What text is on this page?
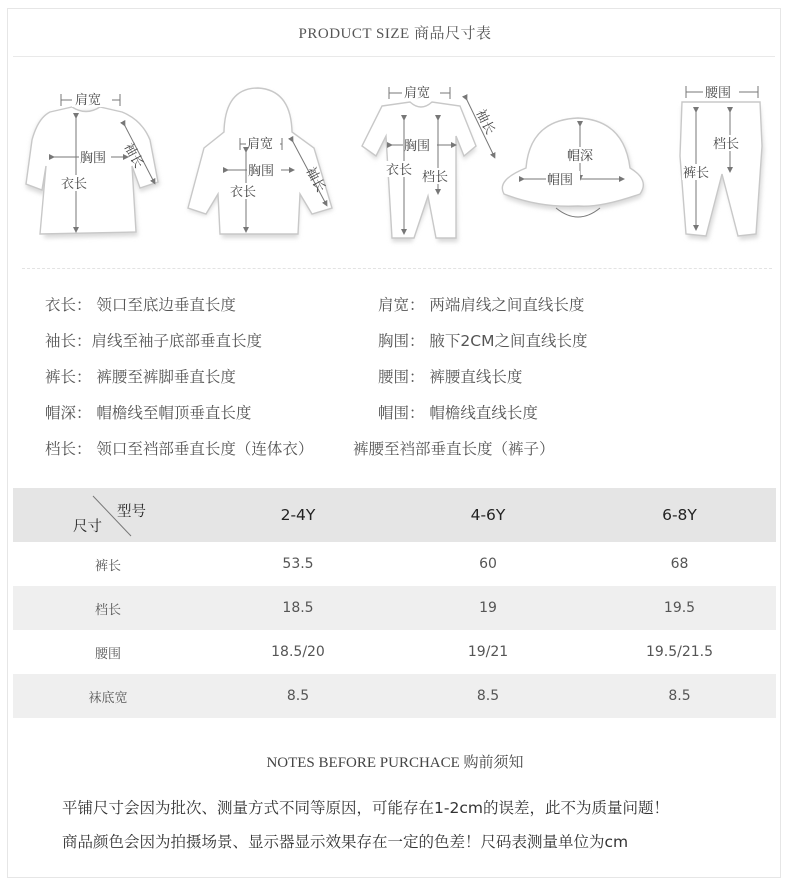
PRODUCT SIZE 商品尺寸表
肩宽
胸围
衣长
袖长	肩宽
胸围
衣长	袖长
肩宽
胸围
衣长 档长
袖长
帽深
帽围
腰围
裤长
档长
衣长： 领口至底边垂直长度	肩宽： 两端肩线之间直线长度
袖长：肩线至袖子底部垂直长度	胸围： 腋下2CM之间直线长度
裤长： 裤腰至裤脚垂直长度	腰围： 裤腰直线长度
帽深： 帽檐线至帽顶垂直长度	帽围： 帽檐线直线长度
档长： 领口至裆部垂直长度（连体衣）	裤腰至裆部垂直长度（裤子）
型号
尺寸	2-4Y	4-6Y	6-8Y
裤长	53.5	60	68
档长	18.5	19	19.5
腰围	18.5/20	19/21	19.5/21.5
袜底宽	8.5	8.5	8.5
NOTES BEFORE PURCHACE 购前须知
平铺尺寸会因为批次、测量方式不同等原因，可能存在1-2cm的误差，此不为质量问题！
商品颜色会因为拍摄场景、显示器显示效果存在一定的色差！尺码表测量单位为cm
